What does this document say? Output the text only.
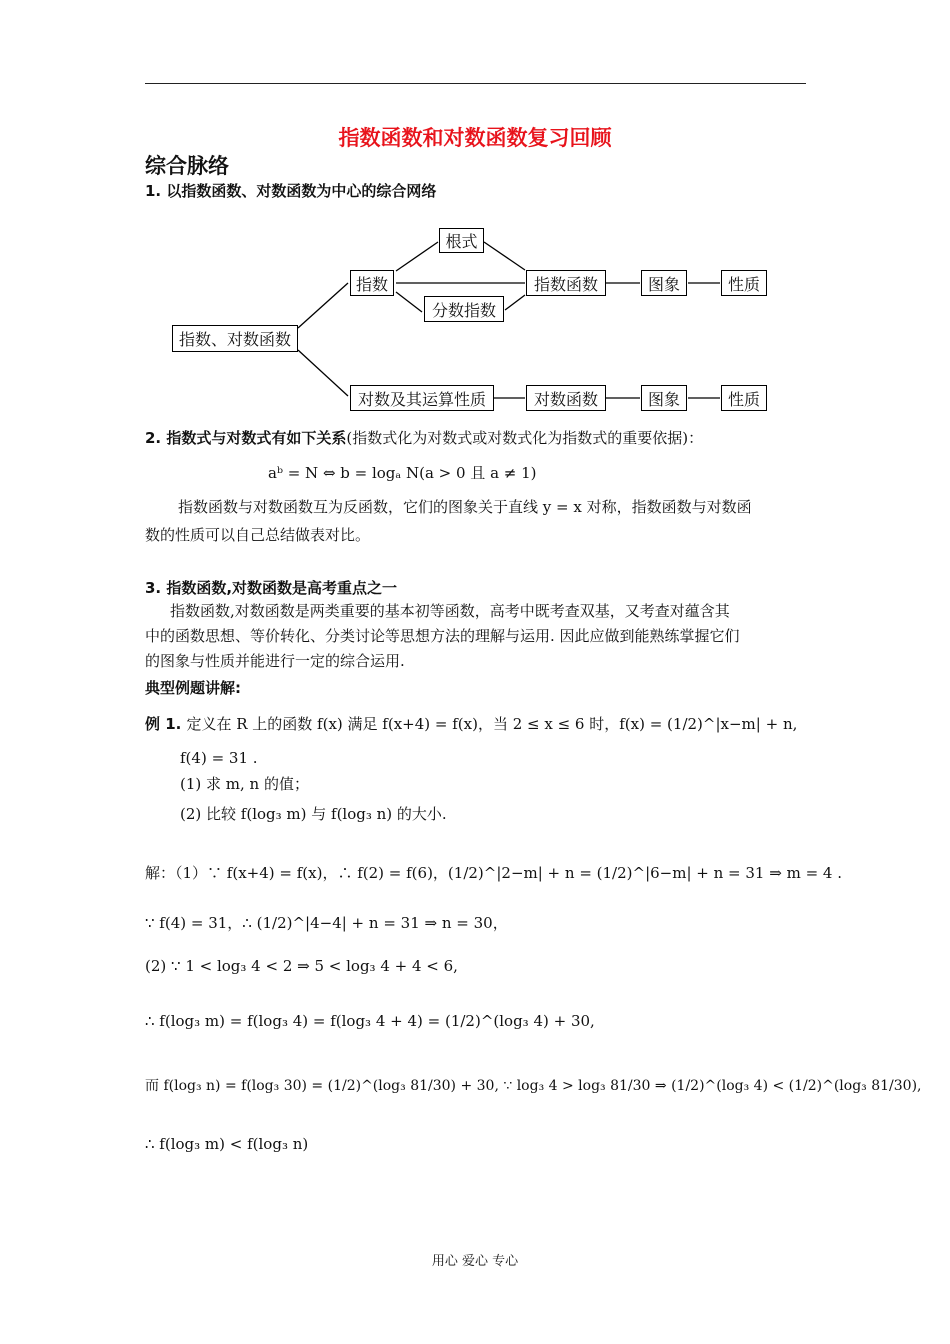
指数函数和对数函数复习回顾
综合脉络
1. 以指数函数、对数函数为中心的综合网络
指数、对数函数
指数
根式
分数指数
指数函数	图象	性质
对数及其运算性质	对数函数	图象	性质
2. 指数式与对数式有如下关系(指数式化为对数式或对数式化为指数式的重要依据)：
aᵇ = N ⇔ b = logₐ N(a > 0 且 a ≠ 1)
指数函数与对数函数互为反函数，它们的图象关于直线 y = x 对称，指数函数与对数函
数的性质可以自己总结做表对比。
3. 指数函数,对数函数是高考重点之一
指数函数,对数函数是两类重要的基本初等函数，高考中既考查双基，又考查对蕴含其
中的函数思想、等价转化、分类讨论等思想方法的理解与运用. 因此应做到能熟练掌握它们
的图象与性质并能进行一定的综合运用.
典型例题讲解:
例 1. 定义在 R 上的函数 f(x) 满足 f(x+4) = f(x)，当 2 ≤ x ≤ 6 时，f(x) = (1/2)^|x−m| + n,
f(4) = 31 .
(1) 求 m, n 的值；
(2) 比较 f(log₃ m) 与 f(log₃ n) 的大小.
解：（1）∵ f(x+4) = f(x)，∴ f(2) = f(6)，(1/2)^|2−m| + n = (1/2)^|6−m| + n = 31 ⇒ m = 4 .
∵ f(4) = 31，∴ (1/2)^|4−4| + n = 31 ⇒ n = 30，
(2) ∵ 1 < log₃ 4 < 2 ⇒ 5 < log₃ 4 + 4 < 6,
∴ f(log₃ m) = f(log₃ 4) = f(log₃ 4 + 4) = (1/2)^(log₃ 4) + 30,
而 f(log₃ n) = f(log₃ 30) = (1/2)^(log₃ 81/30) + 30, ∵ log₃ 4 > log₃ 81/30 ⇒ (1/2)^(log₃ 4) < (1/2)^(log₃ 81/30),
∴ f(log₃ m) < f(log₃ n)
用心 爱心 专心
